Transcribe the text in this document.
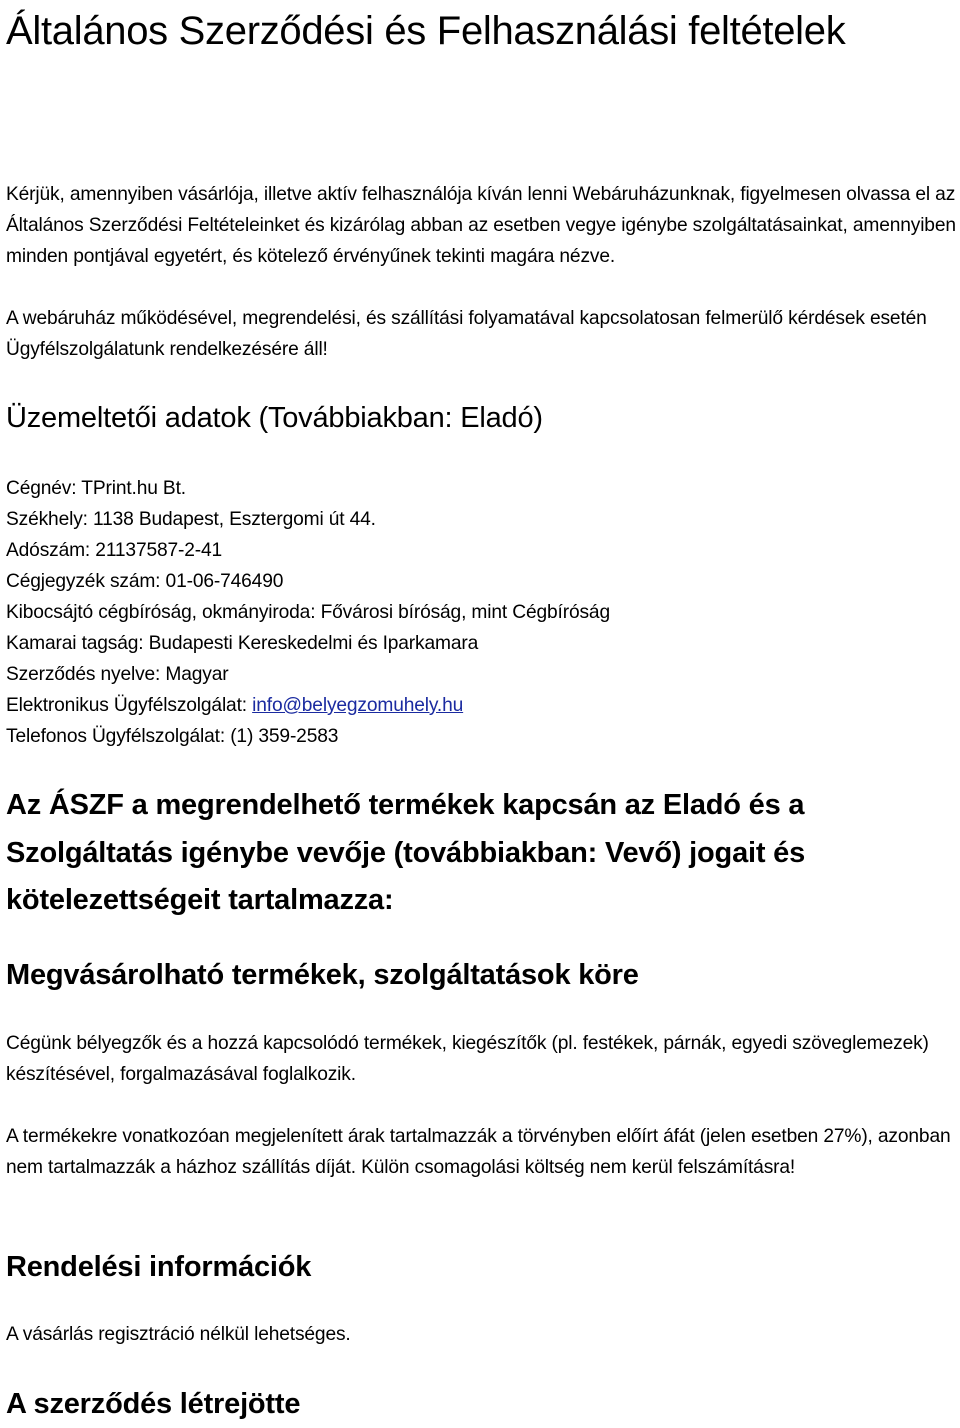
Általános Szerződési és Felhasználási feltételek

Kérjük, amennyiben vásárlója, illetve aktív felhasználója kíván lenni Webáruházunknak, figyelmesen olvassa el az Általános Szerződési Feltételeinket és kizárólag abban az esetben vegye igénybe szolgáltatásainkat, amennyiben minden pontjával egyetért, és kötelező érvényűnek tekinti magára nézve.

A webáruház működésével, megrendelési, és szállítási folyamatával kapcsolatosan felmerülő kérdések esetén Ügyfélszolgálatunk rendelkezésére áll!

Üzemeltetői adatok (Továbbiakban: Eladó)
Cégnév: TPrint.hu Bt.
Székhely: 1138 Budapest, Esztergomi út 44.
Adószám: 21137587-2-41
Cégjegyzék szám: 01-06-746490
Kibocsájtó cégbíróság, okmányiroda: Fővárosi bíróság, mint Cégbíróság
Kamarai tagság: Budapesti Kereskedelmi és Iparkamara
Szerződés nyelve: Magyar
Elektronikus Ügyfélszolgálat: info@belyegzomuhely.hu
Telefonos Ügyfélszolgálat: (1) 359-2583
Az ÁSZF a megrendelhető termékek kapcsán az Eladó és a Szolgáltatás igénybe vevője (továbbiakban: Vevő) jogait és kötelezettségeit tartalmazza:
Megvásárolható termékek, szolgáltatások köre

Cégünk bélyegzők és a hozzá kapcsolódó termékek, kiegészítők (pl. festékek, párnák, egyedi szöveglemezek) készítésével, forgalmazásával foglalkozik.

A termékekre vonatkozóan megjelenített árak tartalmazzák a törvényben előírt áfát (jelen esetben 27%), azonban nem tartalmazzák a házhoz szállítás díját. Külön csomagolási költség nem kerül felszámításra!

Rendelési információk

A vásárlás regisztráció nélkül lehetséges.

A szerződés létrejötte
